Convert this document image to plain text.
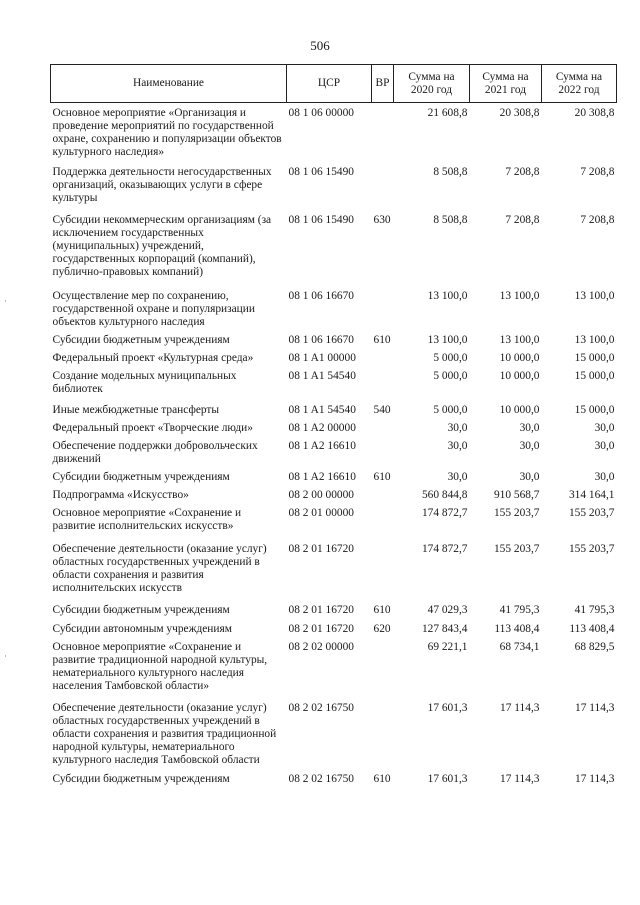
506
Наименование	ЦСР	ВР	Сумма на 2020 год	Сумма на 2021 год	Сумма на 2022 год
Основное мероприятие «Организация и проведение мероприятий по государственной охране, сохранению и популяризации объектов культурного наследия»	08 1 06 00000		21 608,8	20 308,8	20 308,8
Поддержка деятельности негосударственных организаций, оказывающих услуги в сфере культуры	08 1 06 15490		8 508,8	7 208,8	7 208,8
Субсидии некоммерческим организациям (за исключением государственных (муниципальных) учреждений, государственных корпораций (компаний), публично-правовых компаний)	08 1 06 15490	630	8 508,8	7 208,8	7 208,8
Осуществление мер по сохранению, государственной охране и популяризации объектов культурного наследия	08 1 06 16670		13 100,0	13 100,0	13 100,0
Субсидии бюджетным учреждениям	08 1 06 16670	610	13 100,0	13 100,0	13 100,0
Федеральный проект «Культурная среда»	08 1 A1 00000		5 000,0	10 000,0	15 000,0
Создание модельных муниципальных библиотек	08 1 A1 54540		5 000,0	10 000,0	15 000,0
Иные межбюджетные трансферты	08 1 A1 54540	540	5 000,0	10 000,0	15 000,0
Федеральный проект «Творческие люди»	08 1 A2 00000		30,0	30,0	30,0
Обеспечение поддержки добровольческих движений	08 1 A2 16610		30,0	30,0	30,0
Субсидии бюджетным учреждениям	08 1 A2 16610	610	30,0	30,0	30,0
Подпрограмма «Искусство»	08 2 00 00000		560 844,8	910 568,7	314 164,1
Основное мероприятие «Сохранение и развитие исполнительских искусств»	08 2 01 00000		174 872,7	155 203,7	155 203,7
Обеспечение деятельности (оказание услуг) областных государственных учреждений в области сохранения и развития исполнительских искусств	08 2 01 16720		174 872,7	155 203,7	155 203,7
Субсидии бюджетным учреждениям	08 2 01 16720	610	47 029,3	41 795,3	41 795,3
Субсидии автономным учреждениям	08 2 01 16720	620	127 843,4	113 408,4	113 408,4
Основное мероприятие «Сохранение и развитие традиционной народной культуры, нематериального культурного наследия населения Тамбовской области»	08 2 02 00000		69 221,1	68 734,1	68 829,5
Обеспечение деятельности (оказание услуг) областных государственных учреждений в области сохранения и развития традиционной народной культуры, нематериального культурного наследия Тамбовской области	08 2 02 16750		17 601,3	17 114,3	17 114,3
Субсидии бюджетным учреждениям	08 2 02 16750	610	17 601,3	17 114,3	17 114,3
